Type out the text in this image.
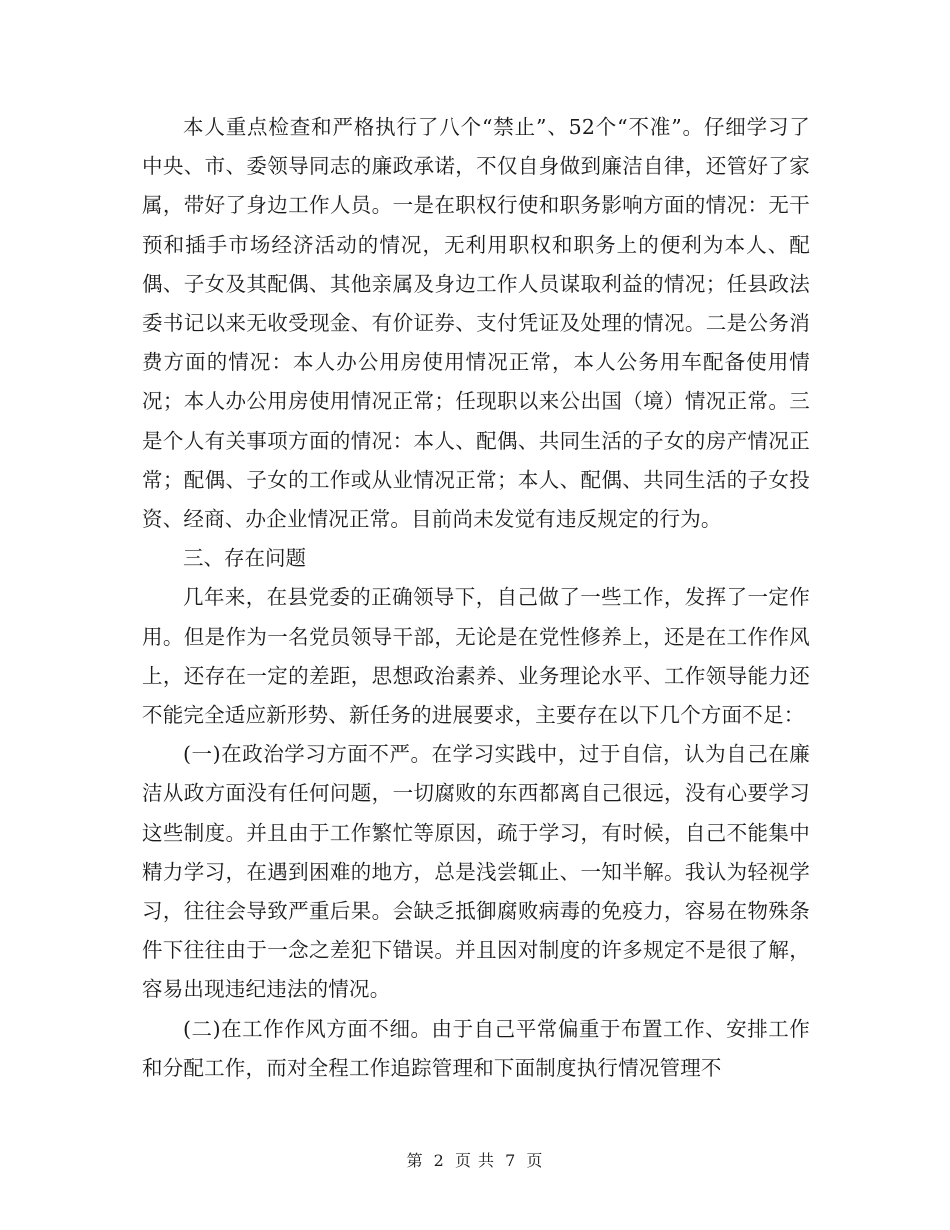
本人重点检查和严格执行了八个“禁止”、52个“不准”。仔细学习了中央、市、委领导同志的廉政承诺，不仅自身做到廉洁自律，还管好了家属，带好了身边工作人员。一是在职权行使和职务影响方面的情况：无干预和插手市场经济活动的情况，无利用职权和职务上的便利为本人、配偶、子女及其配偶、其他亲属及身边工作人员谋取利益的情况；任县政法委书记以来无收受现金、有价证券、支付凭证及处理的情况。二是公务消费方面的情况：本人办公用房使用情况正常，本人公务用车配备使用情况；本人办公用房使用情况正常；任现职以来公出国（境）情况正常。三是个人有关事项方面的情况：本人、配偶、共同生活的子女的房产情况正常；配偶、子女的工作或从业情况正常；本人、配偶、共同生活的子女投资、经商、办企业情况正常。目前尚未发觉有违反规定的行为。

三、存在问题

几年来，在县党委的正确领导下，自己做了一些工作，发挥了一定作用。但是作为一名党员领导干部，无论是在党性修养上，还是在工作作风上，还存在一定的差距，思想政治素养、业务理论水平、工作领导能力还不能完全适应新形势、新任务的进展要求，主要存在以下几个方面不足：

(一)在政治学习方面不严。在学习实践中，过于自信，认为自己在廉洁从政方面没有任何问题，一切腐败的东西都离自己很远，没有心要学习这些制度。并且由于工作繁忙等原因，疏于学习，有时候，自己不能集中精力学习，在遇到困难的地方，总是浅尝辄止、一知半解。我认为轻视学习，往往会导致严重后果。会缺乏抵御腐败病毒的免疫力，容易在物殊条件下往往由于一念之差犯下错误。并且因对制度的许多规定不是很了解，容易出现违纪违法的情况。

(二)在工作作风方面不细。由于自己平常偏重于布置工作、安排工作和分配工作，而对全程工作追踪管理和下面制度执行情况管理不

第 2 页 共 7 页
